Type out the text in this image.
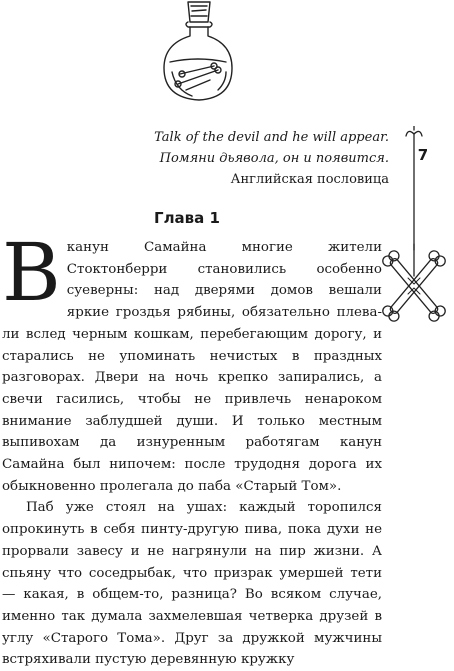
Talk of the devil and he will appear.
Помяни дьявола, он и появится.
Английская пословица
7
Глава 1

Вканун Самайна многие жители Стоктонберри становились особенно суеверны: над дверями домов вешали яркие гроздья рябины, обязательно плевали вслед черным кошкам, перебегающим дорогу, и старались не упоминать нечистых в праздных разговорах. Двери на ночь крепко запирались, а свечи гасились, чтобы не привлечь ненароком внимание заблудшей души. И только местным выпивохам да изнуренным работягам канун Самайна был нипочем: после трудодня дорога их обыкновенно пролегала до паба «Старый Том».

Паб уже стоял на ушах: каждый торопился опрокинуть в себя пинту-другую пива, пока духи не прорвали завесу и не нагрянули на пир жизни. А спьяну что соседрыбак, что призрак умершей тети — какая, в общем-то, разница? Во всяком случае, именно так думала захмелевшая четверка друзей в углу «Старого Тома». Друг за дружкой мужчины встряхивали пустую деревянную кружку
